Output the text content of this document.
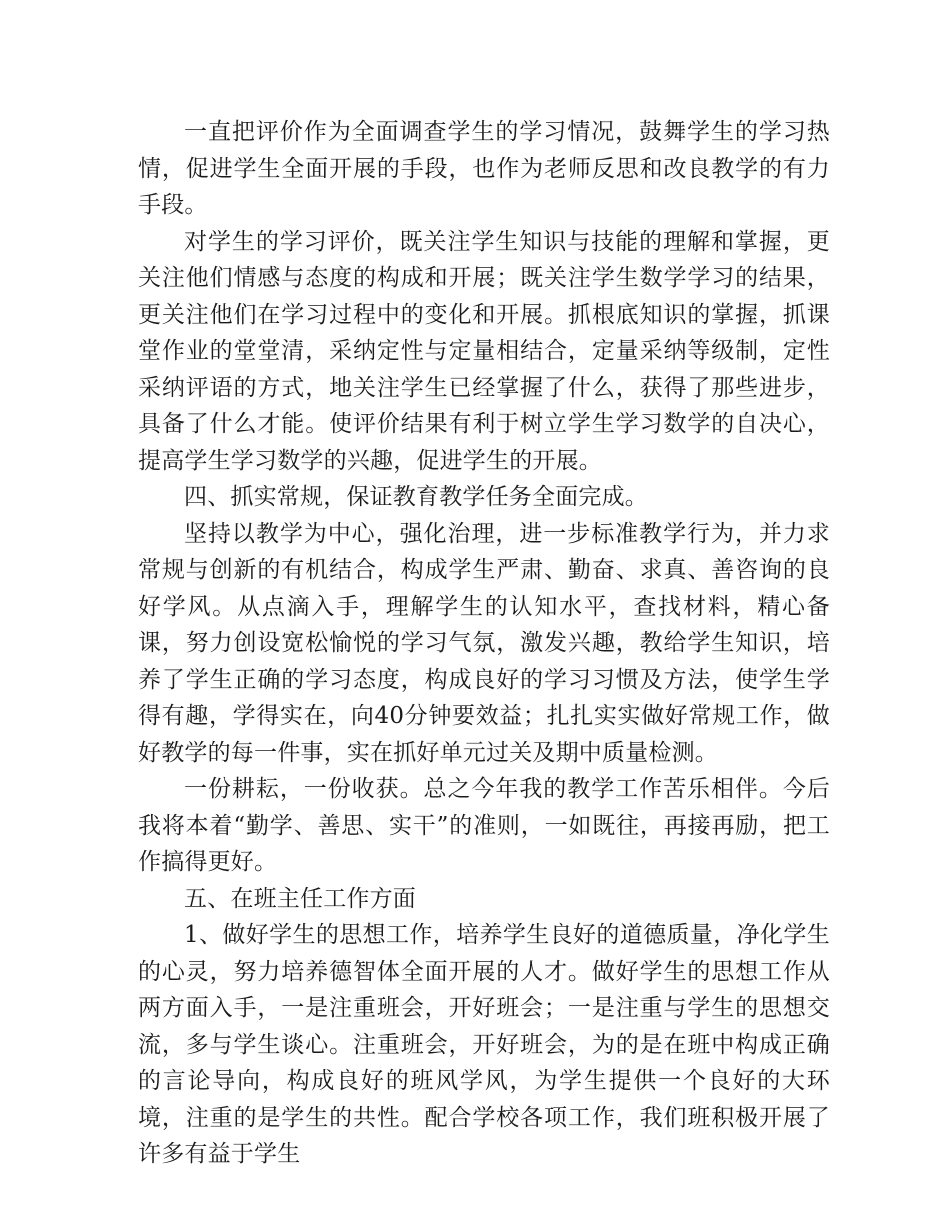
一直把评价作为全面调查学生的学习情况，鼓舞学生的学习热情，促进学生全面开展的手段，也作为老师反思和改良教学的有力手段。

对学生的学习评价，既关注学生知识与技能的理解和掌握，更关注他们情感与态度的构成和开展；既关注学生数学学习的结果，更关注他们在学习过程中的变化和开展。抓根底知识的掌握，抓课堂作业的堂堂清，采纳定性与定量相结合，定量采纳等级制，定性采纳评语的方式，地关注学生已经掌握了什么，获得了那些进步，具备了什么才能。使评价结果有利于树立学生学习数学的自决心，提高学生学习数学的兴趣，促进学生的开展。

四、抓实常规，保证教育教学任务全面完成。

坚持以教学为中心，强化治理，进一步标准教学行为，并力求常规与创新的有机结合，构成学生严肃、勤奋、求真、善咨询的良好学风。从点滴入手，理解学生的认知水平，查找材料，精心备课，努力创设宽松愉悦的学习气氛，激发兴趣，教给学生知识，培养了学生正确的学习态度，构成良好的学习习惯及方法，使学生学得有趣，学得实在，向40分钟要效益；扎扎实实做好常规工作，做好教学的每一件事，实在抓好单元过关及期中质量检测。

一份耕耘，一份收获。总之今年我的教学工作苦乐相伴。今后我将本着“勤学、善思、实干”的准则，一如既往，再接再励，把工作搞得更好。

五、在班主任工作方面

1、做好学生的思想工作，培养学生良好的道德质量，净化学生的心灵，努力培养德智体全面开展的人才。做好学生的思想工作从两方面入手，一是注重班会，开好班会；一是注重与学生的思想交流，多与学生谈心。注重班会，开好班会，为的是在班中构成正确的言论导向，构成良好的班风学风，为学生提供一个良好的大环境，注重的是学生的共性。配合学校各项工作，我们班积极开展了许多有益于学生
